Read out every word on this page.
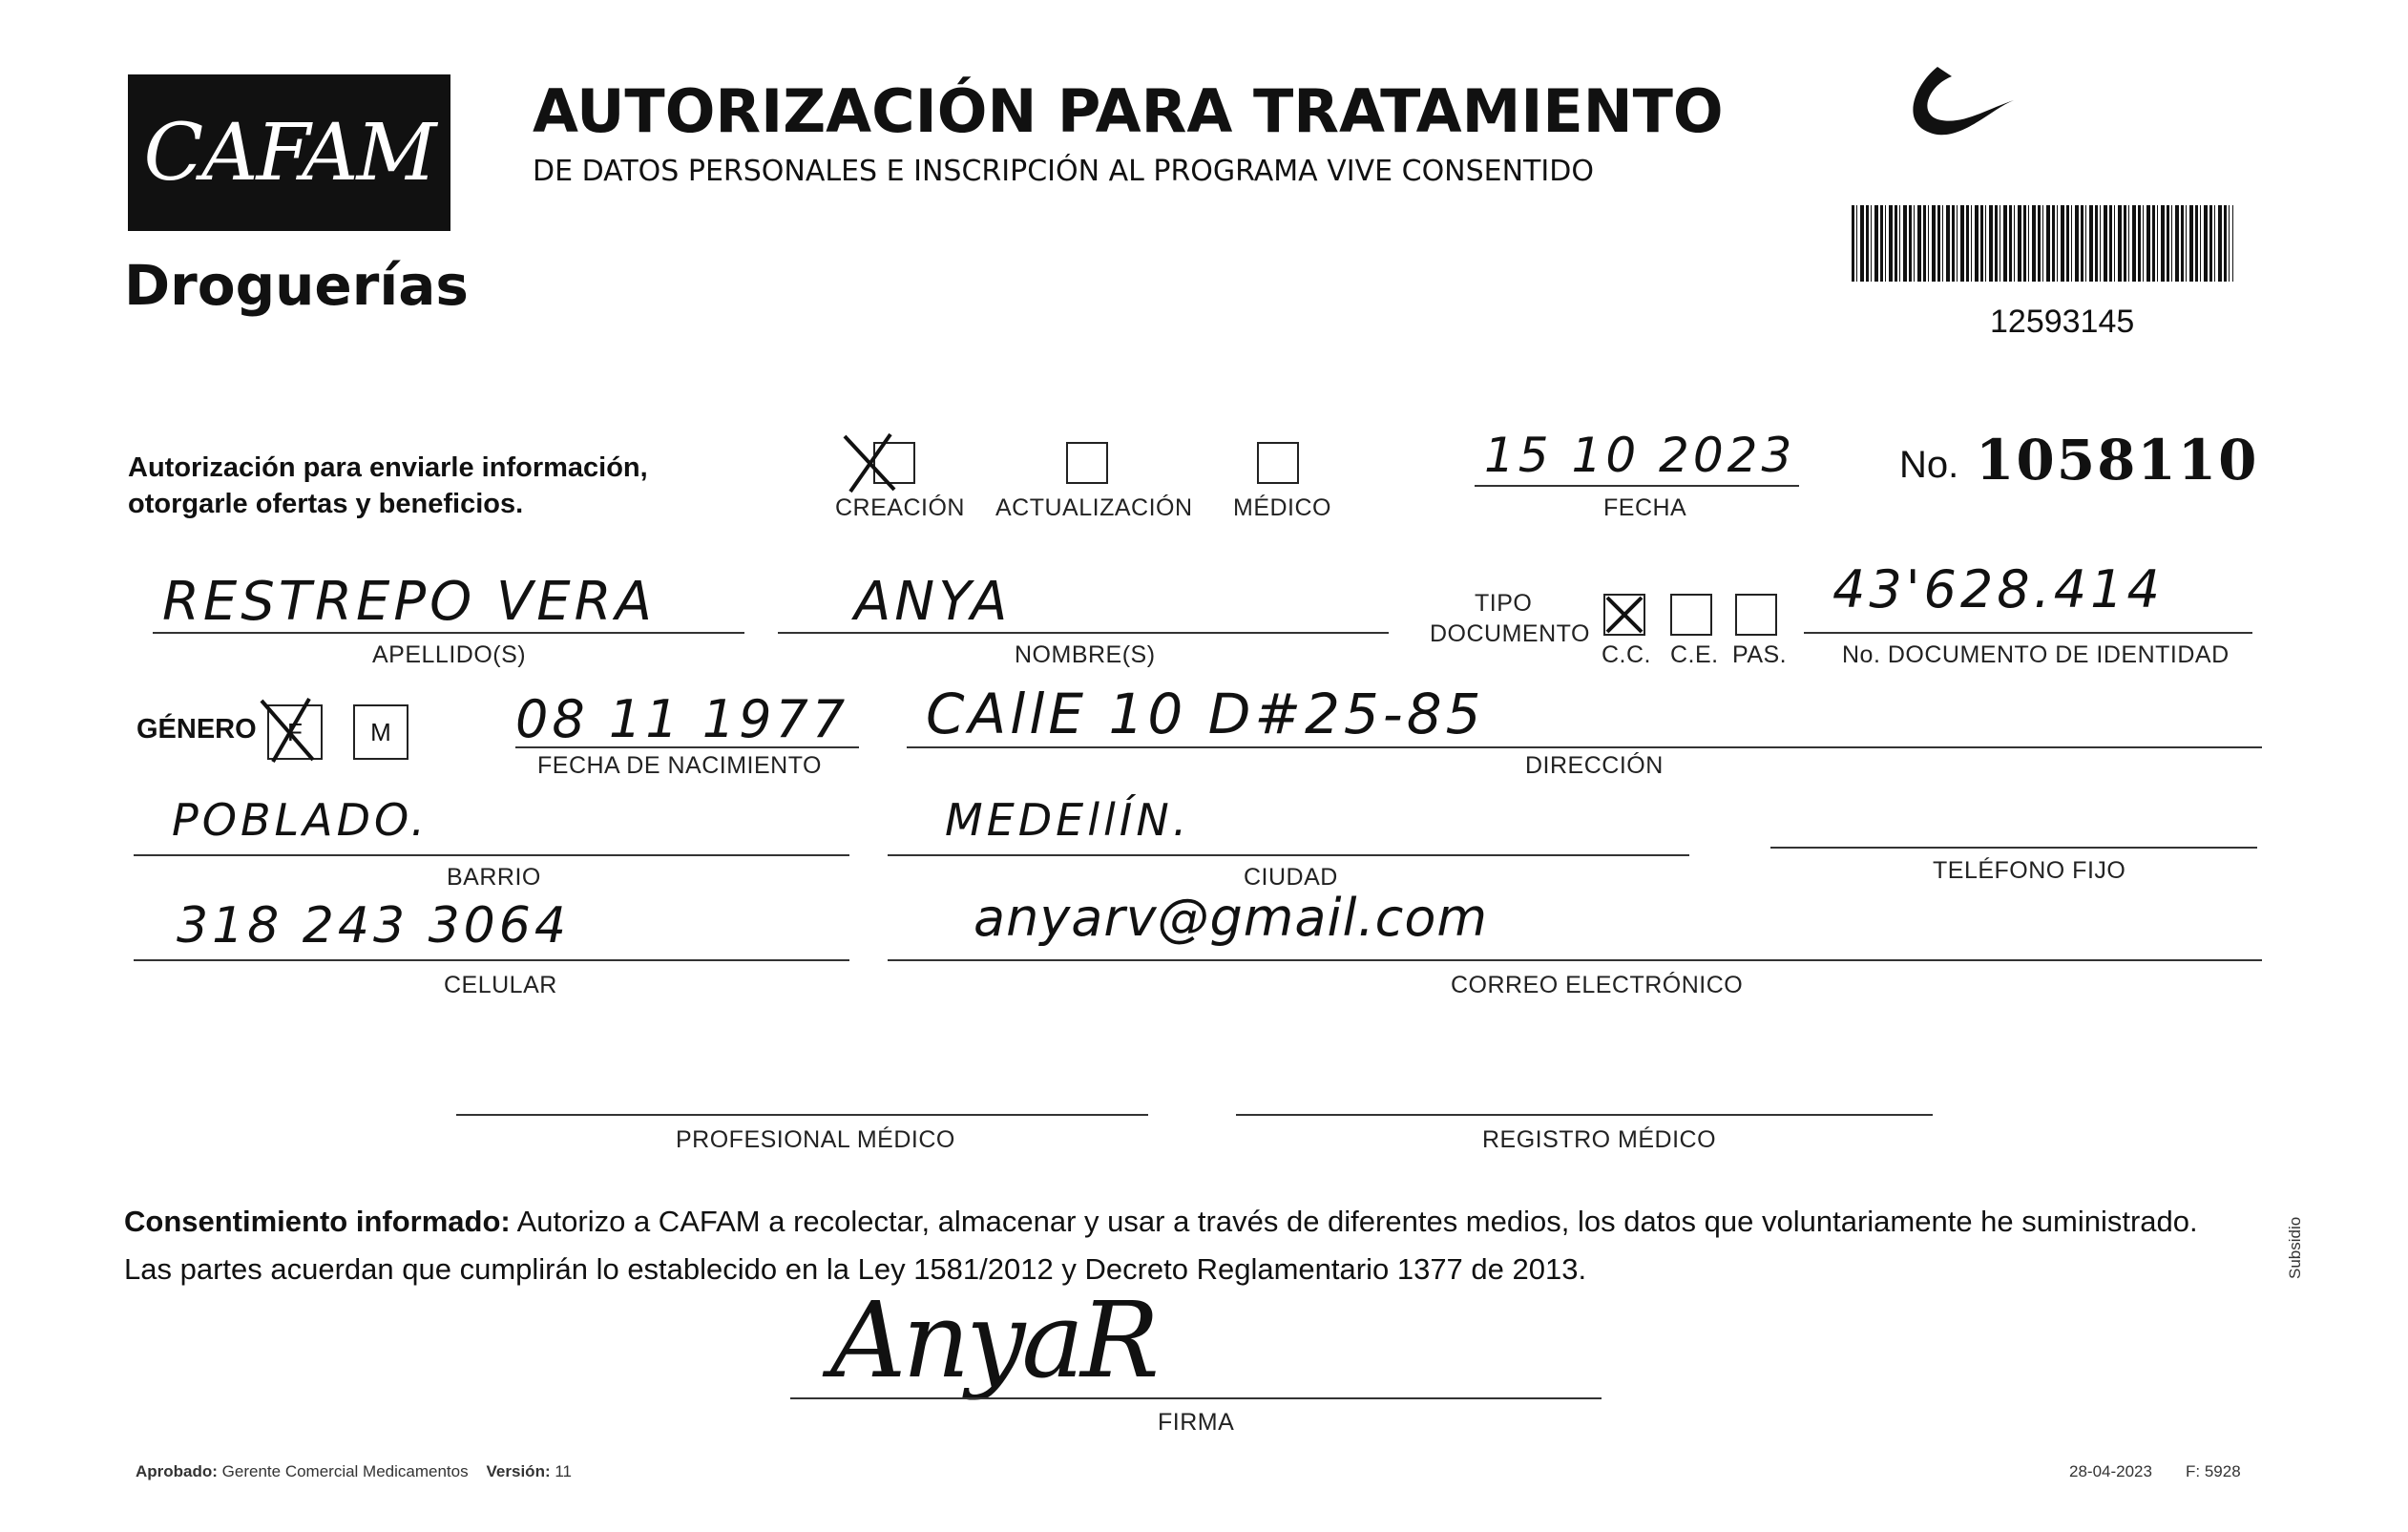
CAFAM
Droguerías
AUTORIZACIÓN PARA TRATAMIENTO
DE DATOS PERSONALES E INSCRIPCIÓN AL PROGRAMA VIVE CONSENTIDO
12593145
Autorización para enviarle información,
otorgarle ofertas y beneficios.	CREACIÓN ACTUALIZACIÓN MÉDICO
15 10 2023
FECHA
No. 1058110
RESTREPO VERA
APELLIDO(S)
ANYA
NOMBRE(S)
TIPO
DOCUMENTO
C.C. C.E. PAS.
43'628.414
No. DOCUMENTO DE IDENTIDAD
GÉNERO F	M 08 11 1977
FECHA DE NACIMIENTO
CAllE 10 D#25-85
DIRECCIÓN
POBLADO.
BARRIO
MEDEllÍN.
CIUDAD	TELÉFONO FIJO
318 243 3064
CELULAR
anyarv@gmail.com
CORREO ELECTRÓNICO
PROFESIONAL MÉDICO	REGISTRO MÉDICO
Consentimiento informado: Autorizo a CAFAM a recolectar, almacenar y usar a través de diferentes medios, los datos que voluntariamente he suministrado.
Las partes acuerdan que cumplirán lo establecido en la Ley 1581/2012 y Decreto Reglamentario 1377 de 2013.
AnyaR
FIRMA
Aprobado: Gerente Comercial Medicamentos Versión: 11	28-04-2023 F: 5928
Subsidio
